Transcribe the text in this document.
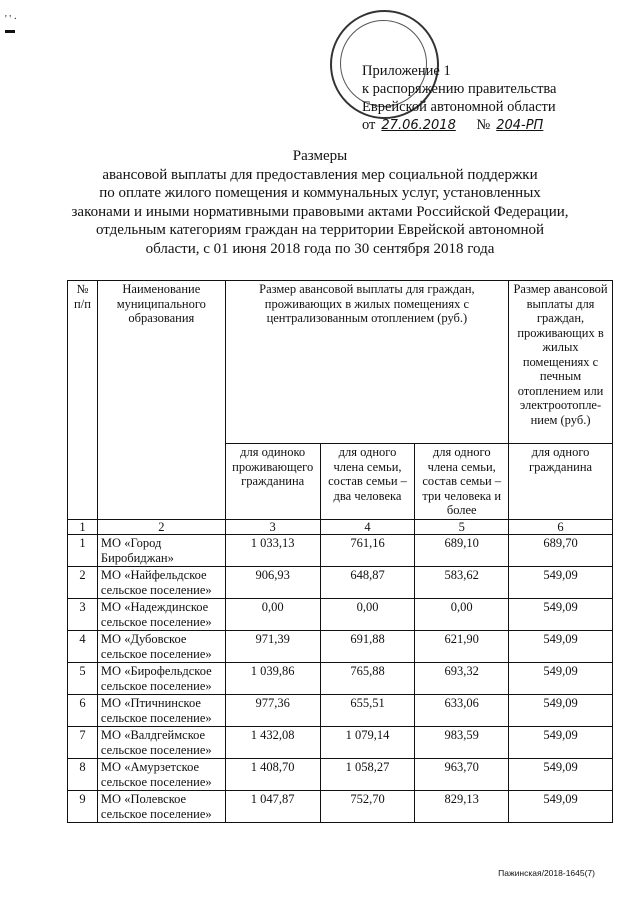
' ' ·
▬
Приложение 1
к распоряжению правительства
Еврейской автономной области
от 27.06.2018 № 204-РП
Размеры
авансовой выплаты для предоставления мер социальной поддержки
по оплате жилого помещения и коммунальных услуг, установленных
законами и иными нормативными правовыми актами Российской Федерации,
отдельным категориям граждан на территории Еврейской автономной
области, с 01 июня 2018 года по 30 сентября 2018 года
№ п/п	Наименование муниципального образования	Размер авансовой выплаты для граждан, проживающих в жилых помещениях с централизованным отоплением (руб.)			Размер авансовой выплаты для граждан, проживающих в жилых помещениях с печным отоплением или электроотопле-нием (руб.)
		для одиноко проживающего гражданина	для одного члена семьи, состав семьи – два человека	для одного члена семьи, состав семьи – три человека и более	для одного гражданина
1	2	3	4	5	6
1	МО «Город Биробиджан»	1 033,13	761,16	689,10	689,70
2	МО «Найфельдское сельское поселение»	906,93	648,87	583,62	549,09
3	МО «Надеждинское сельское поселение»	0,00	0,00	0,00	549,09
4	МО «Дубовское сельское поселение»	971,39	691,88	621,90	549,09
5	МО «Бирофельдское сельское поселение»	1 039,86	765,88	693,32	549,09
6	МО «Птичнинское сельское поселение»	977,36	655,51	633,06	549,09
7	МО «Валдгеймское сельское поселение»	1 432,08	1 079,14	983,59	549,09
8	МО «Амурзетское сельское поселение»	1 408,70	1 058,27	963,70	549,09
9	МО «Полевское сельское поселение»	1 047,87	752,70	829,13	549,09
Пажинская/2018-1645(7)
